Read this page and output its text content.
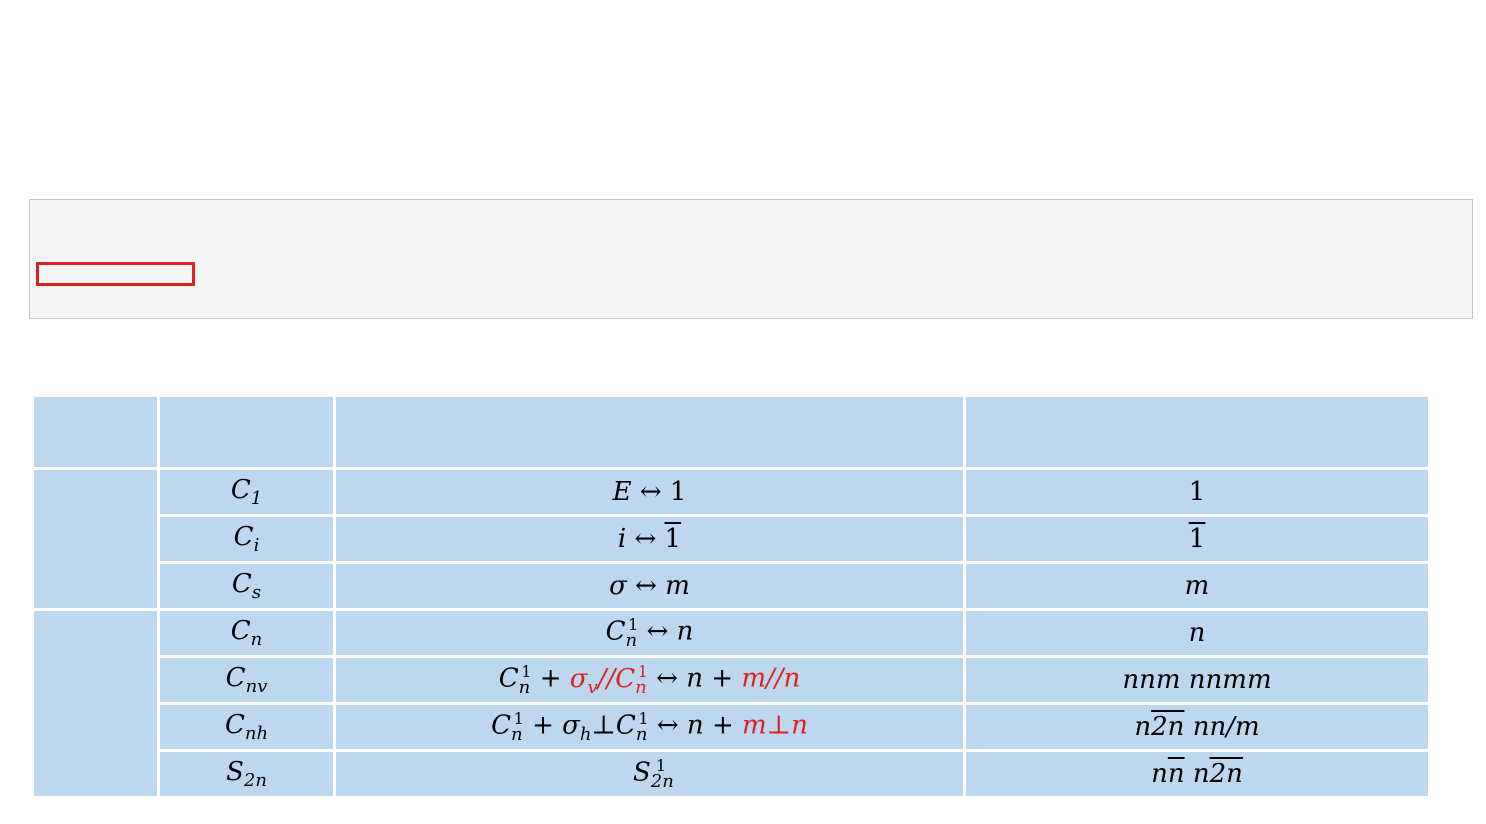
	$C_1$	E ↔ 1	1
	$C_i$	i ↔ 1	1
	$C_s$	σ ↔ m	m
	$C_n$	$C_n^1$ ↔ n	n
	$C_{nv}$	$C_n^1 + \sigma_v//C_n^1$ ↔ n + m//n	nnm nnmm
	$C_{nh}$	$C_n^1$ + $\sigma_h\perp C_n^1$ ↔ n + m⊥n	n2n nn/m
	$S_{2n}$	$S_{2n}^1$	$n\overline{n}$ n2n
